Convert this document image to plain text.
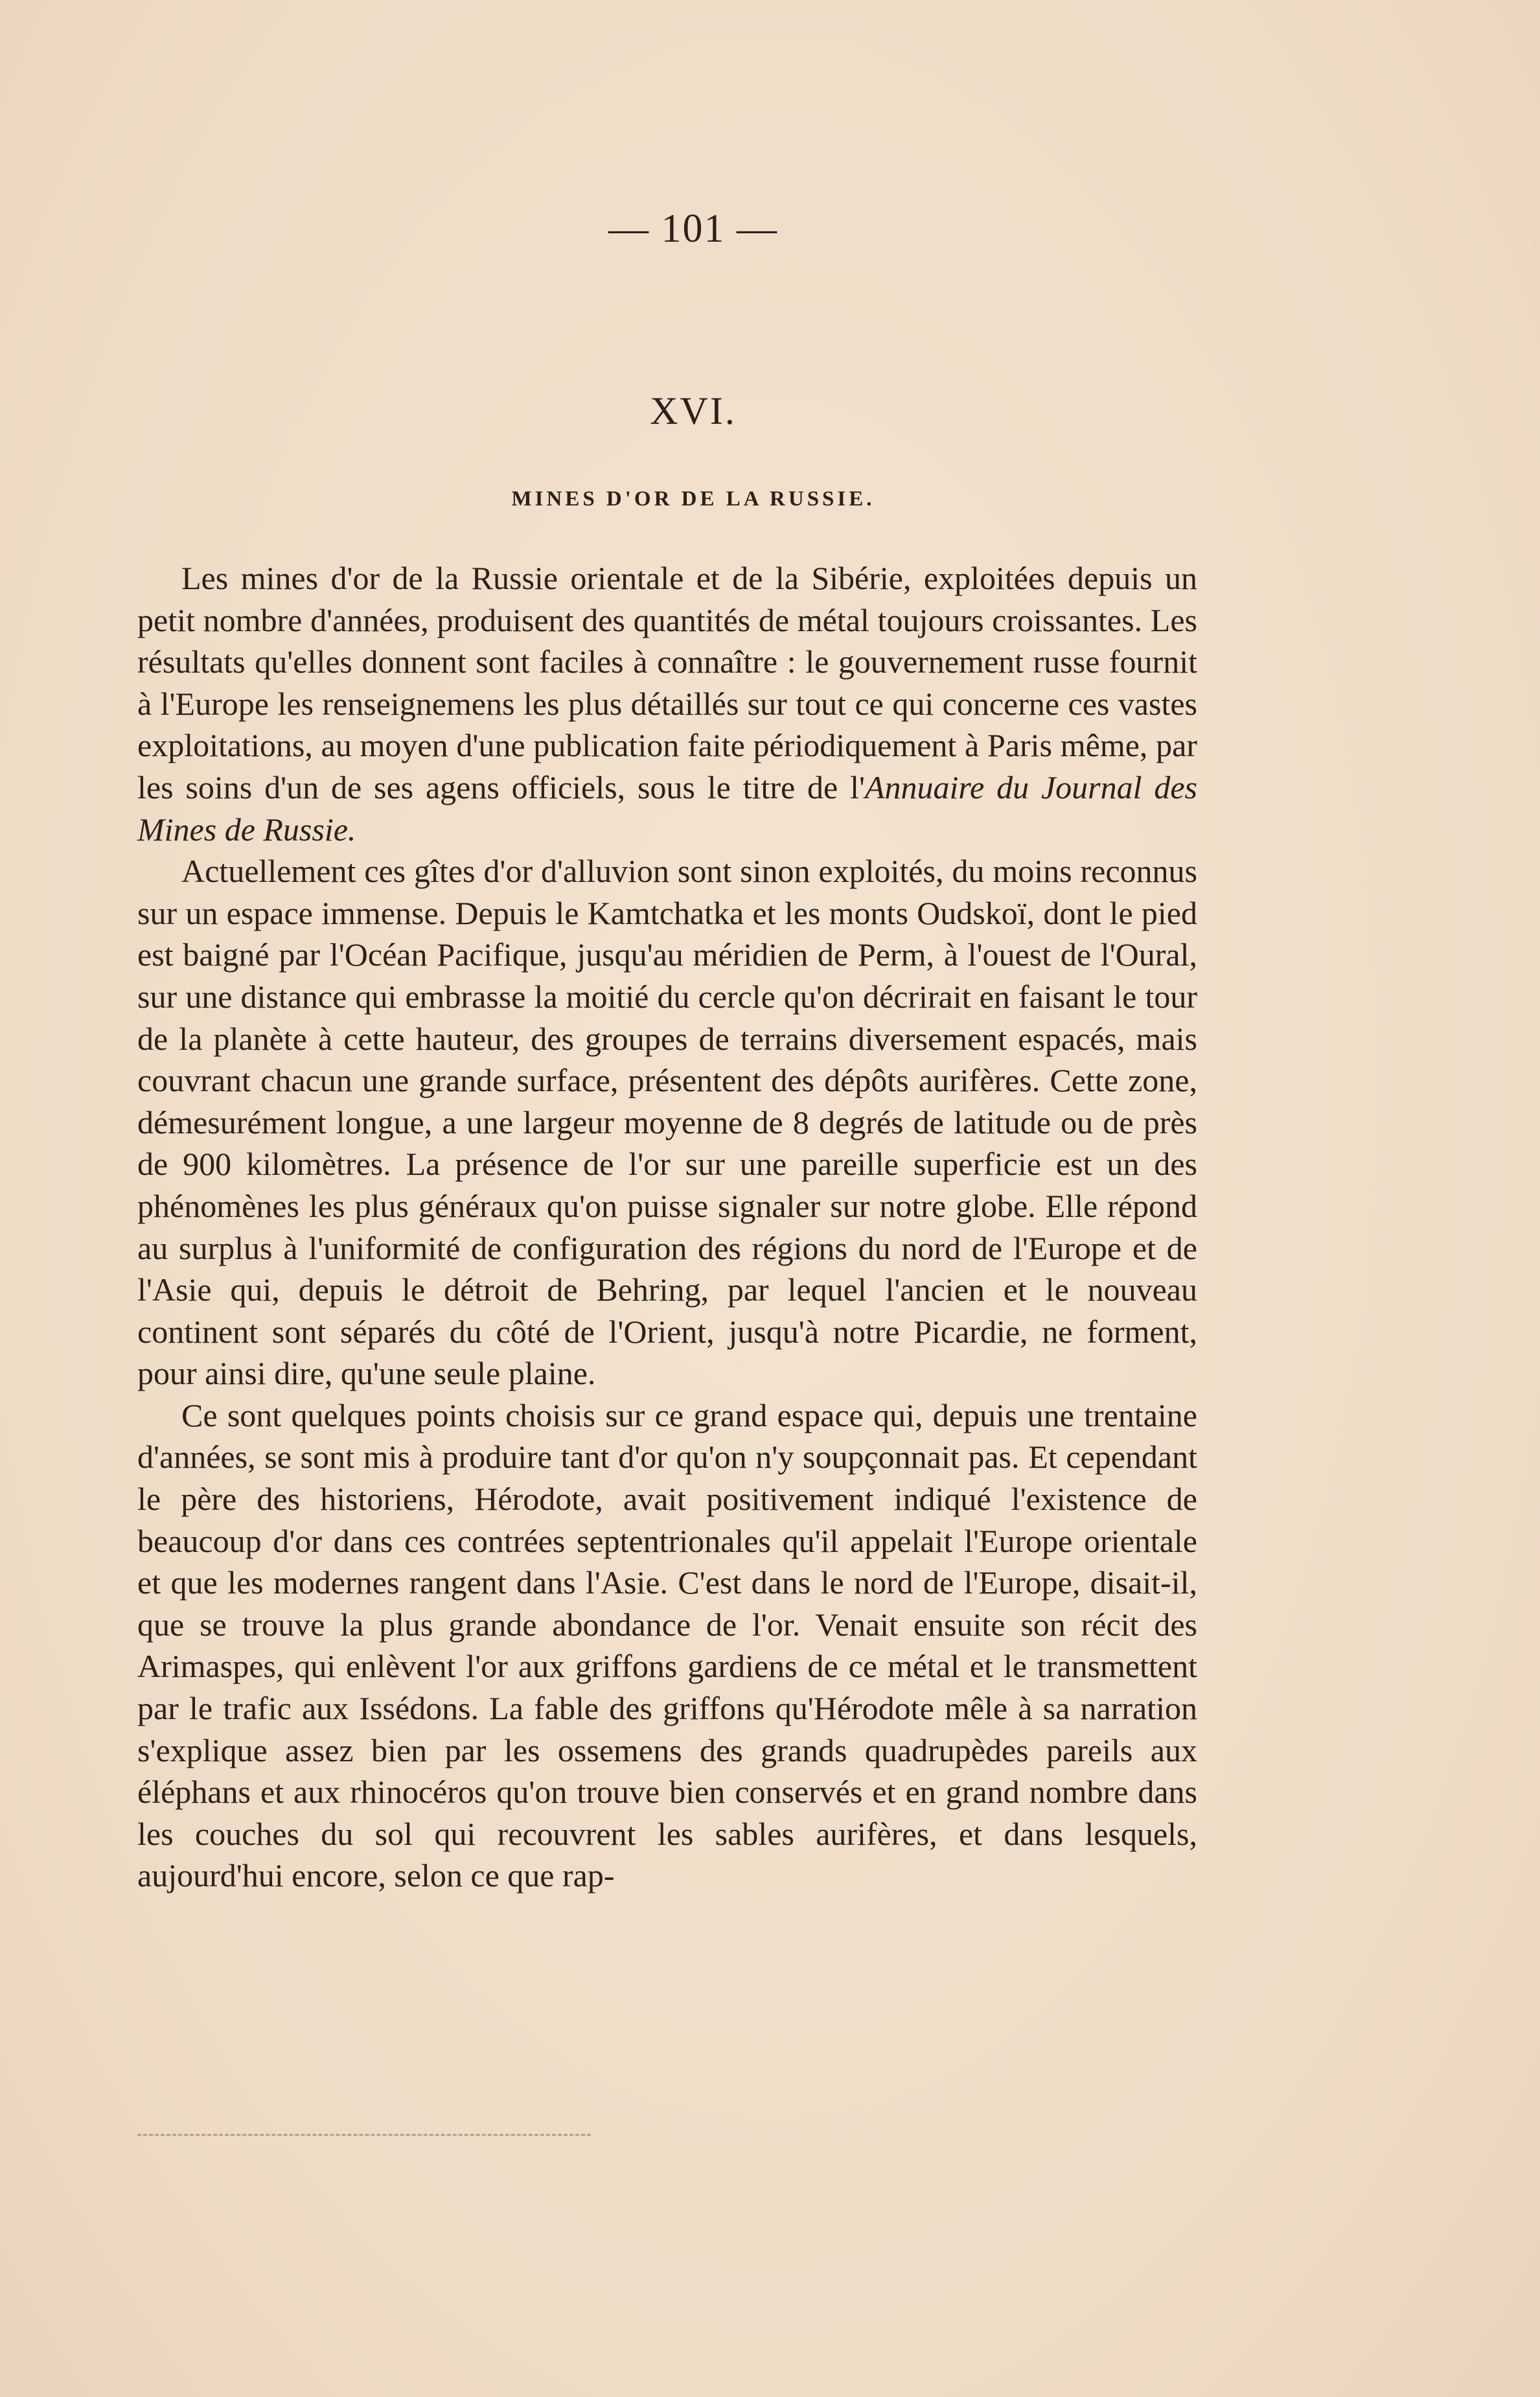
— 101 —
XVI.
MINES D'OR DE LA RUSSIE.

Les mines d'or de la Russie orientale et de la Sibérie, exploitées depuis un petit nombre d'années, produisent des quantités de métal toujours croissantes. Les résultats qu'elles donnent sont faciles à connaître : le gouvernement russe fournit à l'Europe les renseignemens les plus détaillés sur tout ce qui concerne ces vastes exploitations, au moyen d'une publication faite périodiquement à Paris même, par les soins d'un de ses agens officiels, sous le titre de l'Annuaire du Journal des Mines de Russie.

Actuellement ces gîtes d'or d'alluvion sont sinon exploités, du moins reconnus sur un espace immense. Depuis le Kamtchatka et les monts Oudskoï, dont le pied est baigné par l'Océan Pacifique, jusqu'au méridien de Perm, à l'ouest de l'Oural, sur une distance qui embrasse la moitié du cercle qu'on décrirait en faisant le tour de la planète à cette hauteur, des groupes de terrains diversement espacés, mais couvrant chacun une grande surface, présentent des dépôts aurifères. Cette zone, démesurément longue, a une largeur moyenne de 8 degrés de latitude ou de près de 900 kilomètres. La présence de l'or sur une pareille superficie est un des phénomènes les plus généraux qu'on puisse signaler sur notre globe. Elle répond au surplus à l'uniformité de configuration des régions du nord de l'Europe et de l'Asie qui, depuis le détroit de Behring, par lequel l'ancien et le nouveau continent sont séparés du côté de l'Orient, jusqu'à notre Picardie, ne forment, pour ainsi dire, qu'une seule plaine.

Ce sont quelques points choisis sur ce grand espace qui, depuis une trentaine d'années, se sont mis à produire tant d'or qu'on n'y soupçonnait pas. Et cependant le père des historiens, Hérodote, avait positivement indiqué l'existence de beaucoup d'or dans ces contrées septentrionales qu'il appelait l'Europe orientale et que les modernes rangent dans l'Asie. C'est dans le nord de l'Europe, disait-il, que se trouve la plus grande abondance de l'or. Venait ensuite son récit des Arimaspes, qui enlèvent l'or aux griffons gardiens de ce métal et le transmettent par le trafic aux Issédons. La fable des griffons qu'Hérodote mêle à sa narration s'explique assez bien par les ossemens des grands quadrupèdes pareils aux éléphans et aux rhinocéros qu'on trouve bien conservés et en grand nombre dans les couches du sol qui recouvrent les sables aurifères, et dans lesquels, aujourd'hui encore, selon ce que rap-
